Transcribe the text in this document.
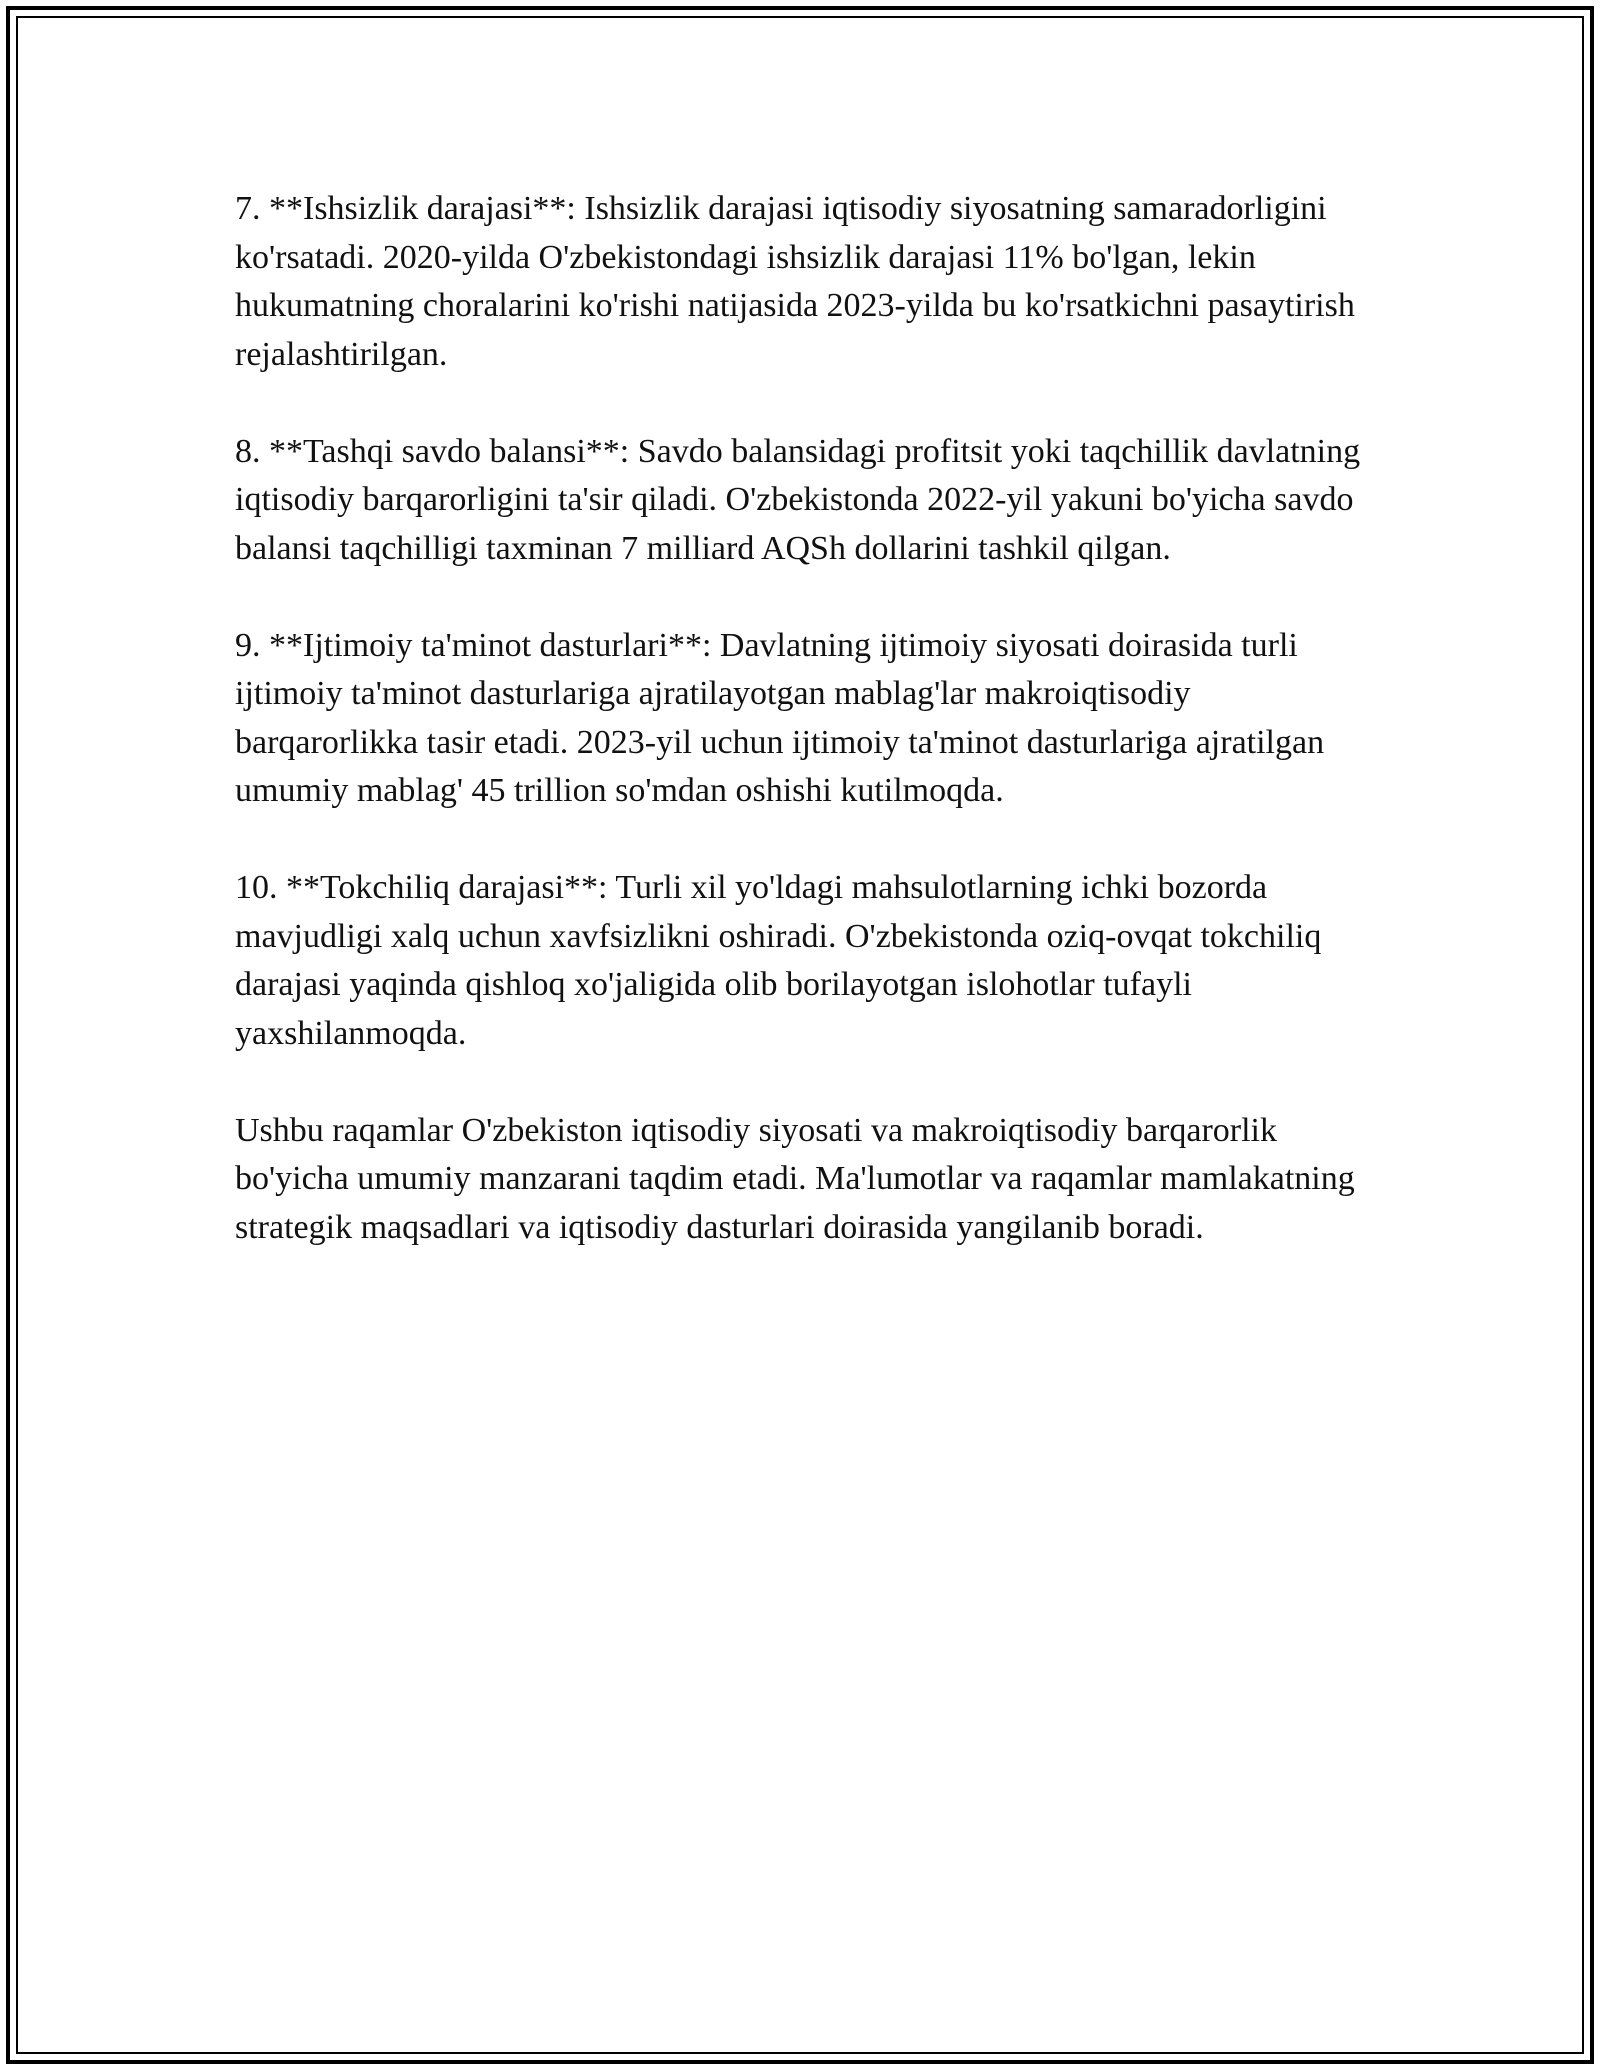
7. **Ishsizlik darajasi**: Ishsizlik darajasi iqtisodiy siyosatning samaradorligini ko'rsatadi. 2020-yilda O'zbekistondagi ishsizlik darajasi 11% bo'lgan, lekin hukumatning choralarini ko'rishi natijasida 2023-yilda bu ko'rsatkichni pasaytirish rejalashtirilgan.

8. **Tashqi savdo balansi**: Savdo balansidagi profitsit yoki taqchillik davlatning iqtisodiy barqarorligini ta'sir qiladi. O'zbekistonda 2022-yil yakuni bo'yicha savdo balansi taqchilligi taxminan 7 milliard AQSh dollarini tashkil qilgan.

9. **Ijtimoiy ta'minot dasturlari**: Davlatning ijtimoiy siyosati doirasida turli ijtimoiy ta'minot dasturlariga ajratilayotgan mablag'lar makroiqtisodiy barqarorlikka tasir etadi. 2023-yil uchun ijtimoiy ta'minot dasturlariga ajratilgan umumiy mablag' 45 trillion so'mdan oshishi kutilmoqda.

10. **Tokchiliq darajasi**: Turli xil yo'ldagi mahsulotlarning ichki bozorda mavjudligi xalq uchun xavfsizlikni oshiradi. O'zbekistonda oziq-ovqat tokchiliq darajasi yaqinda qishloq xo'jaligida olib borilayotgan islohotlar tufayli yaxshilanmoqda.

Ushbu raqamlar O'zbekiston iqtisodiy siyosati va makroiqtisodiy barqarorlik bo'yicha umumiy manzarani taqdim etadi. Ma'lumotlar va raqamlar mamlakatning strategik maqsadlari va iqtisodiy dasturlari doirasida yangilanib boradi.
